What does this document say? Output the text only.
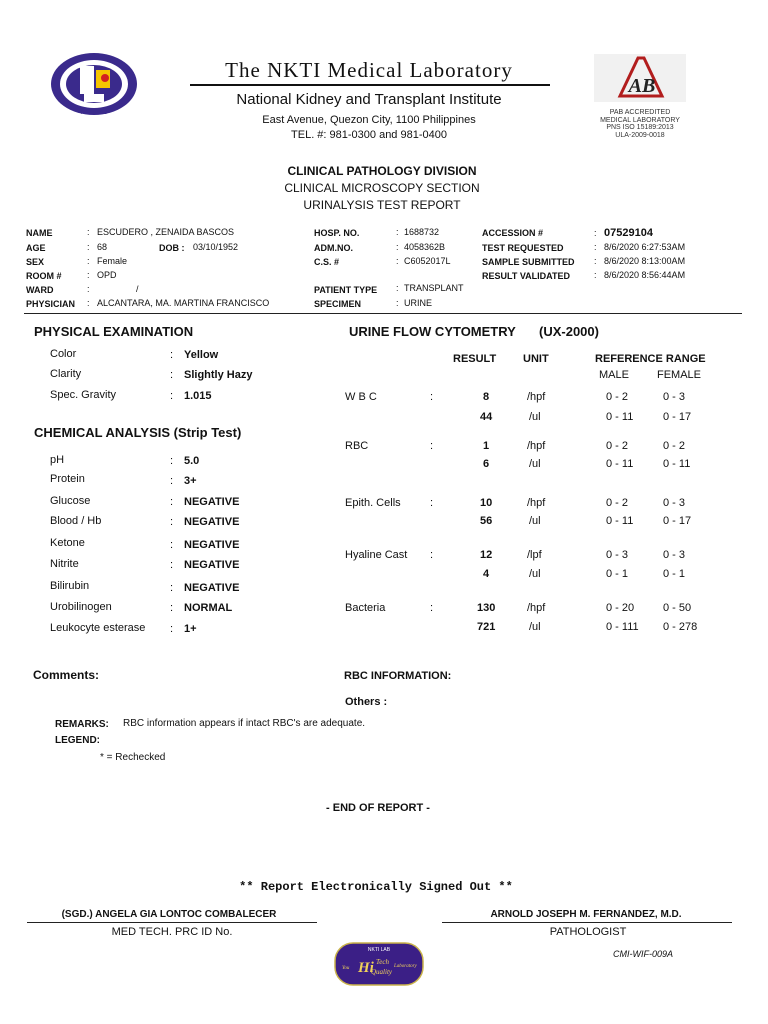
NKTI LAB
The NKTI Medical Laboratory
National Kidney and Transplant Institute
East Avenue, Quezon City, 1100 Philippines
TEL. #: 981-0300 and 981-0400
AB
PAB ACCREDITED
MEDICAL LABORATORY
PNS ISO 15189:2013
ULA-2009-0018
CLINICAL PATHOLOGY DIVISION
CLINICAL MICROSCOPY SECTION
URINALYSIS TEST REPORT
NAME	: ESCUDERO , ZENAIDA BASCOS
AGE	: 68	DOB : 03/10/1952
SEX	: Female
ROOM #	: OPD
WARD	:	/
PHYSICIAN : ALCANTARA, MA. MARTINA FRANCISCO
HOSP. NO.	: 1688732
ADM.NO.	: 4058362B
C.S. #	: C6052017L
PATIENT TYPE : TRANSPLANT
SPECIMEN	: URINE
ACCESSION #	: 07529104
TEST REQUESTED	: 8/6/2020 6:27:53AM
SAMPLE SUBMITTED : 8/6/2020 8:13:00AM
RESULT VALIDATED	: 8/6/2020 8:56:44AM
PHYSICAL EXAMINATION
Color	: Yellow
Clarity	: Slightly Hazy
Spec. Gravity	: 1.015
CHEMICAL ANALYSIS (Strip Test)
pH	: 5.0
Protein	: 3+
Glucose	: NEGATIVE
Blood / Hb	: NEGATIVE
Ketone	: NEGATIVE
Nitrite	: NEGATIVE
Bilirubin	: NEGATIVE
Urobilinogen	: NORMAL
Leukocyte esterase : 1+
URINE FLOW CYTOMETRY (UX-2000)
RESULT UNIT	REFERENCE RANGE
MALE	FEMALE
W B C	:	8	/hpf	0 - 2	0 - 3
44	/ul	0 - 11	0 - 17
RBC	:	1	/hpf	0 - 2	0 - 2
6	/ul	0 - 11	0 - 11
Epith. Cells	:	10	/hpf	0 - 2	0 - 3
56	/ul	0 - 11	0 - 17
Hyaline Cast :	12	/lpf	0 - 3	0 - 3
4	/ul	0 - 1	0 - 1
Bacteria	:	130	/hpf	0 - 20	0 - 50
721	/ul	0 - 111 0 - 278
Comments:	RBC INFORMATION:
Others :
REMARKS: RBC information appears if intact RBC's are adequate.
LEGEND:
* = Rechecked
- END OF REPORT -
** Report Electronically Signed Out **
(SGD.) ANGELA GIA LONTOC COMBALECER
MED TECH. PRC ID No.
ARNOLD JOSEPH M. FERNANDEZ, M.D.
PATHOLOGIST
NKTI LAB
You Hi Tech
Quality
Laboratory
CMI-WIF-009A
